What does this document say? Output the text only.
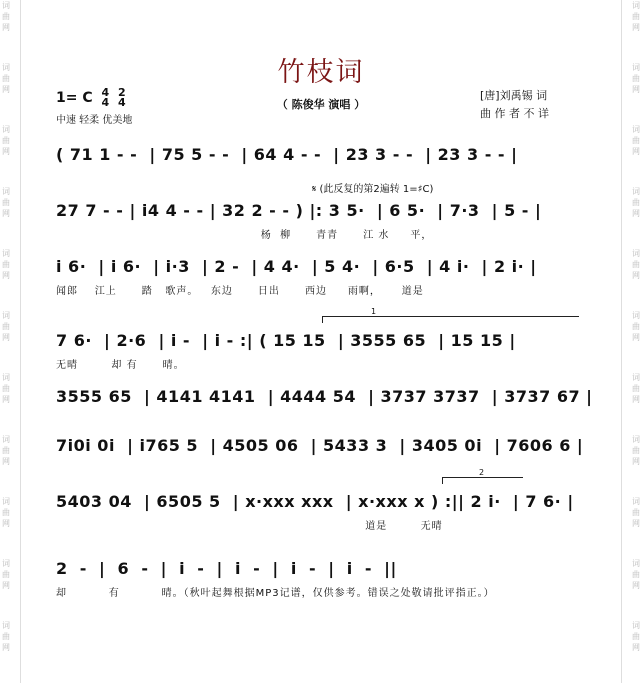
词
曲
网
词
曲
网
词
曲
网
词
曲
网
词
曲
网
词
曲
网
词
曲
网
词
曲
网
词
曲
网
词
曲
网
词
曲
网
词
曲
网
词
曲
网
词
曲
网
词
曲
网
词
曲
网
词
曲
网
词
曲
网
词
曲
网
词
曲
网
词
曲
网
词
曲
网
竹枝词
（ 陈俊华 演唱 ）
1= C 4
4

2
4
中速 轻柔 优美地
[唐]刘禹锡 词
曲 作 者 不 详
( 71 1 - -  | 75 5 - -  | 64 4 - -  | 23 3 - -  | 23 3 - - |
𝄋 (此反复的第2遍转 1=♯C)
27 7 - - | i4 4 - - | 32 2 - - ) |: 3 5·  | 6 5·  | 7·3  | 5 - |
杨  柳      青青      江 水     平，
i 6·  | i 6·  | i·3  | 2 -  | 4 4·  | 5 4·  | 6·5  | 4 i·  | 2 i· |
闻郎    江上      踏   歌声。   东边      日出      西边     雨啊，     道是
1
7 6·  | 2·6  | i -  | i - :| ( 15 15  | 3555 65  | 15 15 |
无晴        却 有      晴。
3555 65  | 4141 4141  | 4444 54  | 3737 3737  | 3737 67 |
7i0i 0i  | i765 5  | 4505 06  | 5433 3  | 3405 0i  | 7606 6 |
2
5403 04  | 6505 5  | x·xxx xxx  | x·xxx x ) :|| 2 i·  | 7 6· |
道是        无晴
2  -  |  6  -  |  i  -  |  i  -  |  i  -  |  i  -  ||
却          有          晴。（秋叶起舞根据MP3记谱，仅供参考。错误之处敬请批评指正。）
